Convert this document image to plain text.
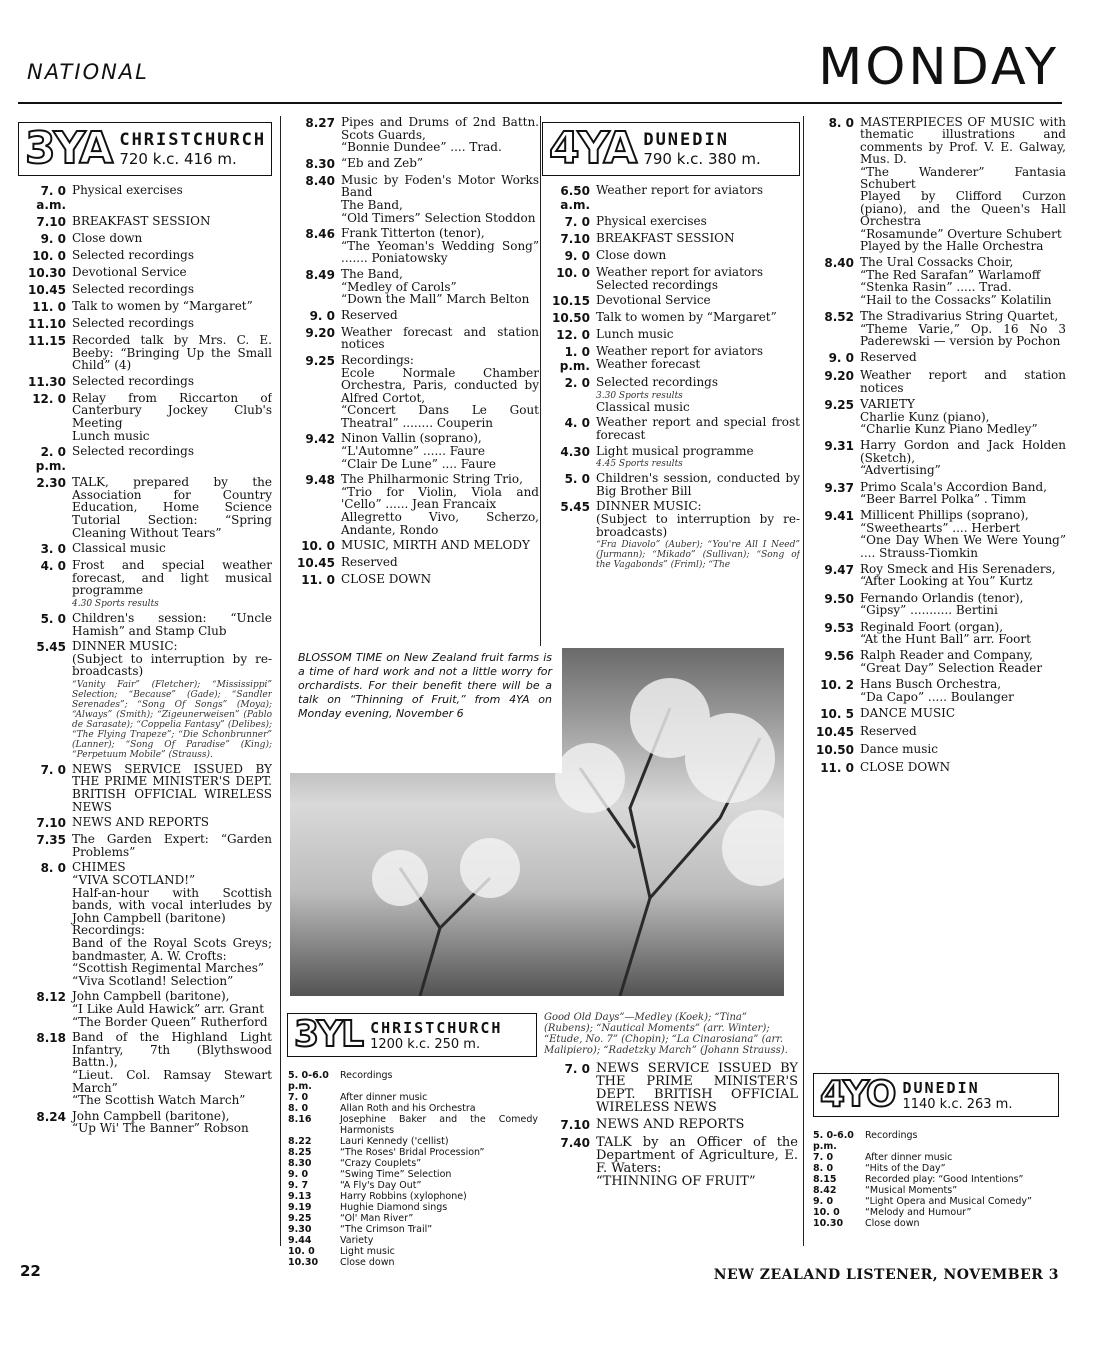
NATIONAL	MONDAY
3YA CHRISTCHURCH
720 k.c. 416 m.
7. 0 a.m.
Physical exercises
7.10 BREAKFAST SESSION
9. 0 Close down
10. 0 Selected recordings
10.30 Devotional Service
10.45 Selected recordings
11. 0 Talk to women by “Margaret”
11.10 Selected recordings
11.15 Recorded talk by Mrs. C. E. Beeby: “Bringing Up the Small Child” (4)
11.30 Selected recordings
12. 0 Relay from Riccarton of Canterbury Jockey Club's Meeting
Lunch music
2. 0 p.m.
Selected recordings
2.30 TALK, prepared by the Association for Country Education, Home Science Tutorial Section: “Spring Cleaning Without Tears”
3. 0 Classical music
4. 0 Frost and special weather forecast, and light musical programme
4.30 Sports results
5. 0 Children's session: “Uncle Hamish” and Stamp Club
5.45 DINNER MUSIC:
(Subject to interruption by re-broadcasts)
“Vanity Fair” (Fletcher); “Mississippi” Selection; “Because” (Gade); “Sandler Serenades”; “Song Of Songs” (Moya); “Always” (Smith); “Zigeunerweisen” (Pablo de Sarasate); “Coppelia Fantasy” (Delibes); “The Flying Trapeze”; “Die Schonbrunner” (Lanner); “Song Of Paradise” (King); “Perpetuum Mobile” (Strauss).
7. 0 NEWS SERVICE ISSUED BY THE PRIME MINISTER'S DEPT. BRITISH OFFICIAL WIRELESS NEWS
7.10 NEWS AND REPORTS
7.35 The Garden Expert: “Garden Problems”
8. 0 CHIMES
“VIVA SCOTLAND!”
Half-an-hour with Scottish bands, with vocal interludes by John Campbell (baritone)
Recordings:
Band of the Royal Scots Greys; bandmaster, A. W. Crofts:
“Scottish Regimental Marches”
“Viva Scotland! Selection”
8.12 John Campbell (baritone),
“I Like Auld Hawick” arr. Grant
“The Border Queen” Rutherford
8.18 Band of the Highland Light Infantry, 7th (Blythswood Battn.),
“Lieut. Col. Ramsay Stewart March”
“The Scottish Watch March”
8.24 John Campbell (baritone),
“Up Wi' The Banner” Robson
8.27 Pipes and Drums of 2nd Battn. Scots Guards,
“Bonnie Dundee” .... Trad.
8.30 “Eb and Zeb”
8.40 Music by Foden's Motor Works Band
The Band,
“Old Timers” Selection Stoddon
8.46 Frank Titterton (tenor),
“The Yeoman's Wedding Song” ....... Poniatowsky
8.49 The Band,
“Medley of Carols”
“Down the Mall” March Belton
9. 0 Reserved
9.20 Weather forecast and station notices
9.25 Recordings:
Ecole Normale Chamber Orchestra, Paris, conducted by Alfred Cortot,
“Concert Dans Le Gout Theatral” ........ Couperin
9.42 Ninon Vallin (soprano),
“L'Automne” ...... Faure
“Clair De Lune” .... Faure
9.48 The Philharmonic String Trio,
“Trio for Violin, Viola and 'Cello” ...... Jean Francaix
Allegretto Vivo, Scherzo, Andante, Rondo
10. 0 MUSIC, MIRTH AND MELODY
10.45 Reserved
11. 0 CLOSE DOWN
4YA DUNEDIN
790 k.c. 380 m.
6.50 a.m.
Weather report for aviators
7. 0 Physical exercises
7.10 BREAKFAST SESSION
9. 0 Close down
10. 0 Weather report for aviators
Selected recordings
10.15 Devotional Service
10.50 Talk to women by “Margaret”
12. 0 Lunch music
1. 0 p.m.
Weather report for aviators
Weather forecast
2. 0 Selected recordings
3.30 Sports results
Classical music
4. 0 Weather report and special frost forecast
4.30 Light musical programme
4.45 Sports results
5. 0 Children's session, conducted by Big Brother Bill
5.45 DINNER MUSIC:
(Subject to interruption by re-broadcasts)
“Fra Diavolo” (Auber); “You're All I Need” (Jurmann); “Mikado” (Sullivan); “Song of the Vagabonds” (Friml); “The
BLOSSOM TIME on New Zealand fruit farms is a time of hard work and not a little worry for orchardists. For their benefit there will be a talk on “Thinning of Fruit,” from 4YA on Monday evening, November 6
3YL CHRISTCHURCH
1200 k.c. 250 m.
5. 0-6.0 p.m.
Recordings
7. 0	After dinner music
8. 0	Allan Roth and his Orchestra
8.16	Josephine Baker and the Comedy Harmonists
8.22	Lauri Kennedy ('cellist)
8.25	“The Roses' Bridal Procession”
8.30	“Crazy Couplets”
9. 0	“Swing Time” Selection
9. 7	“A Fly's Day Out”
9.13	Harry Robbins (xylophone)
9.19	Hughie Diamond sings
9.25	“Ol' Man River”
9.30	“The Crimson Trail”
9.44	Variety
10. 0	Light music
10.30	Close down
Good Old Days”—Medley (Koek); “Tina” (Rubens); “Nautical Moments” (arr. Winter); “Etude, No. 7” (Chopin); “La Cinarosiana” (arr. Malipiero); “Radetzky March” (Johann Strauss).
7. 0 NEWS SERVICE ISSUED BY THE PRIME MINISTER'S DEPT. BRITISH OFFICIAL WIRELESS NEWS
7.10 NEWS AND REPORTS
7.40 TALK by an Officer of the Department of Agriculture, E. F. Waters:
“THINNING OF FRUIT”
8. 0 MASTERPIECES OF MUSIC with thematic illustrations and comments by Prof. V. E. Galway, Mus. D.
“The Wanderer” Fantasia Schubert
Played by Clifford Curzon (piano), and the Queen's Hall Orchestra
“Rosamunde” Overture Schubert
Played by the Halle Orchestra
8.40 The Ural Cossacks Choir,
“The Red Sarafan” Warlamoff
“Stenka Rasin” ..... Trad.
“Hail to the Cossacks” Kolatilin
8.52 The Stradivarius String Quartet,
“Theme Varie,” Op. 16 No 3 Paderewski — version by Pochon
9. 0 Reserved
9.20 Weather report and station notices
9.25 VARIETY
Charlie Kunz (piano),
“Charlie Kunz Piano Medley”
9.31 Harry Gordon and Jack Holden (Sketch),
“Advertising”
9.37 Primo Scala's Accordion Band,
“Beer Barrel Polka” . Timm
9.41 Millicent Phillips (soprano),
“Sweethearts” .... Herbert
“One Day When We Were Young” .... Strauss-Tiomkin
9.47 Roy Smeck and His Serenaders,
“After Looking at You” Kurtz
9.50 Fernando Orlandis (tenor),
“Gipsy” ........... Bertini
9.53 Reginald Foort (organ),
“At the Hunt Ball” arr. Foort
9.56 Ralph Reader and Company,
“Great Day” Selection Reader
10. 2 Hans Busch Orchestra,
“Da Capo” ..... Boulanger
10. 5 DANCE MUSIC
10.45 Reserved
10.50 Dance music
11. 0 CLOSE DOWN
4YO DUNEDIN
1140 k.c. 263 m.
5. 0-6.0 p.m.
Recordings
7. 0	After dinner music
8. 0	“Hits of the Day”
8.15	Recorded play: “Good Intentions”
8.42	“Musical Moments”
9. 0	“Light Opera and Musical Comedy”
10. 0	“Melody and Humour”
10.30	Close down
22	NEW ZEALAND LISTENER, NOVEMBER 3
